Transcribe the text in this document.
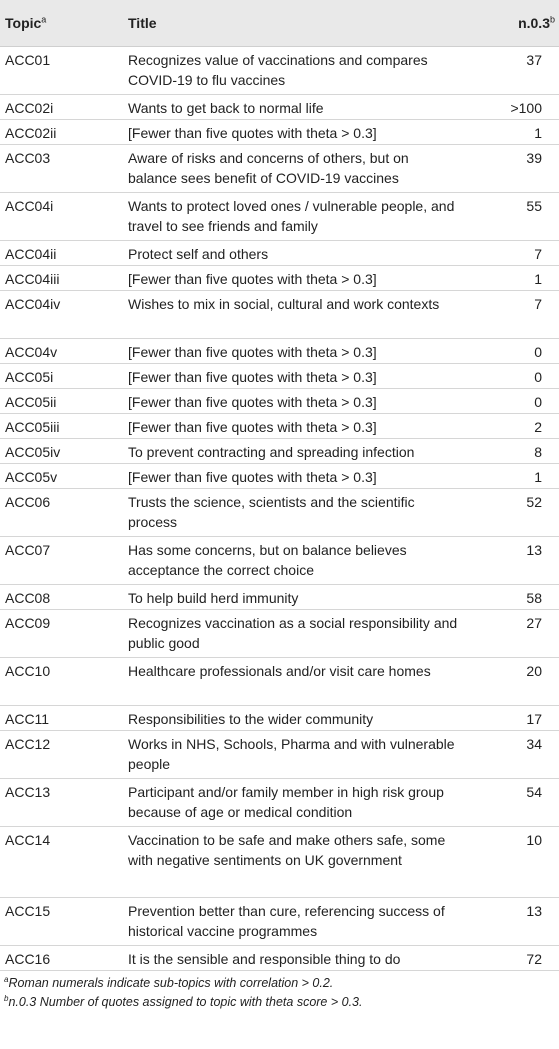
Topic$^a$	Title	n.0.3$^b$
ACC01	Recognizes value of vaccinations and compares COVID-19 to flu vaccines	37
ACC02i	Wants to get back to normal life	>100
ACC02ii	[Fewer than five quotes with theta > 0.3]	1
ACC03	Aware of risks and concerns of others, but on balance sees benefit of COVID-19 vaccines	39
ACC04i	Wants to protect loved ones / vulnerable people, and travel to see friends and family	55
ACC04ii	Protect self and others	7
ACC04iii	[Fewer than five quotes with theta > 0.3]	1
ACC04iv	Wishes to mix in social, cultural and work contexts	7
ACC04v	[Fewer than five quotes with theta > 0.3]	0
ACC05i	[Fewer than five quotes with theta > 0.3]	0
ACC05ii	[Fewer than five quotes with theta > 0.3]	0
ACC05iii	[Fewer than five quotes with theta > 0.3]	2
ACC05iv	To prevent contracting and spreading infection	8
ACC05v	[Fewer than five quotes with theta > 0.3]	1
ACC06	Trusts the science, scientists and the scientific process	52
ACC07	Has some concerns, but on balance believes acceptance the correct choice	13
ACC08	To help build herd immunity	58
ACC09	Recognizes vaccination as a social responsibility and public good	27
ACC10	Healthcare professionals and/or visit care homes	20
ACC11	Responsibilities to the wider community	17
ACC12	Works in NHS, Schools, Pharma and with vulnerable people	34
ACC13	Participant and/or family member in high risk group because of age or medical condition	54
ACC14	Vaccination to be safe and make others safe, some with negative sentiments on UK government	10
ACC15	Prevention better than cure, referencing success of historical vaccine programmes	13
ACC16	It is the sensible and responsible thing to do	72
$^a$Roman numerals indicate sub-topics with correlation > 0.2.
$^b$n.0.3 Number of quotes assigned to topic with theta score > 0.3.
